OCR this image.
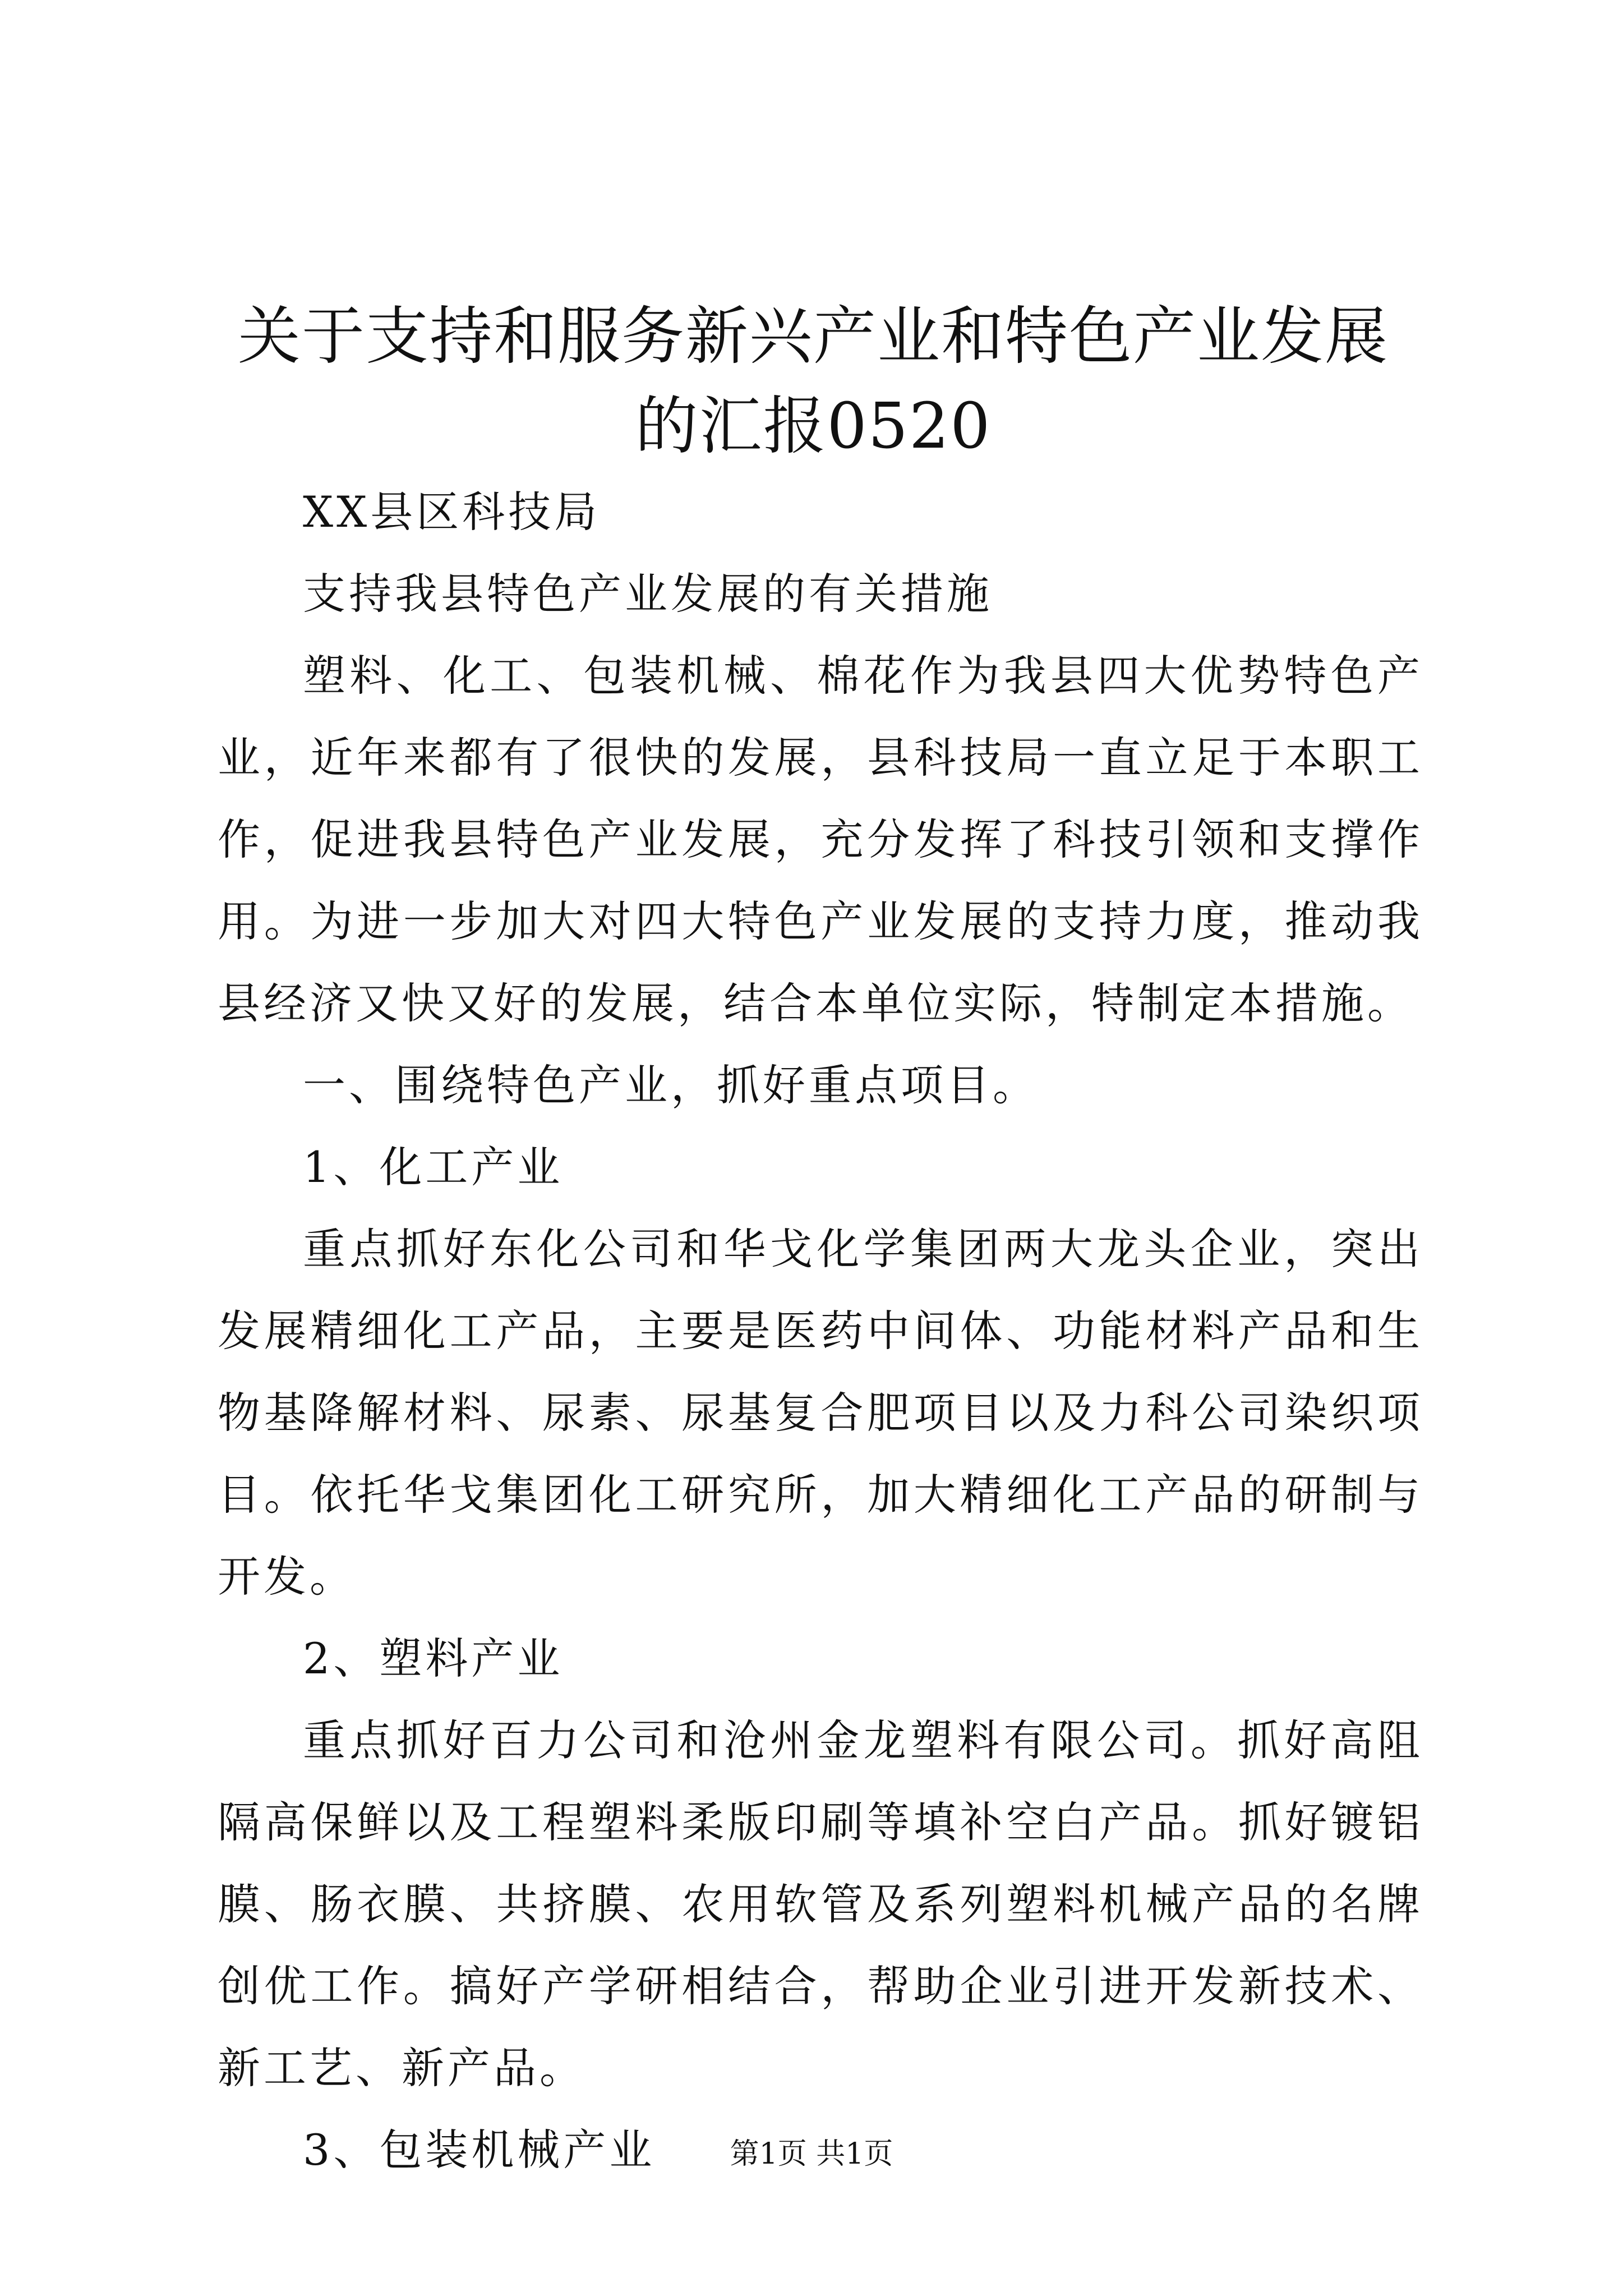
关于支持和服务新兴产业和特色产业发展的汇报0520

XX县区科技局

支持我县特色产业发展的有关措施

塑料、化工、包装机械、棉花作为我县四大优势特色产业，近年来都有了很快的发展，县科技局一直立足于本职工作，促进我县特色产业发展，充分发挥了科技引领和支撑作用。为进一步加大对四大特色产业发展的支持力度，推动我县经济又快又好的发展，结合本单位实际，特制定本措施。

一、围绕特色产业，抓好重点项目。

1、化工产业

重点抓好东化公司和华戈化学集团两大龙头企业，突出发展精细化工产品，主要是医药中间体、功能材料产品和生物基降解材料、尿素、尿基复合肥项目以及力科公司染织项目。依托华戈集团化工研究所，加大精细化工产品的研制与开发。

2、塑料产业

重点抓好百力公司和沧州金龙塑料有限公司。抓好高阻隔高保鲜以及工程塑料柔版印刷等填补空白产品。抓好镀铝膜、肠衣膜、共挤膜、农用软管及系列塑料机械产品的名牌创优工作。搞好产学研相结合，帮助企业引进开发新技术、新工艺、新产品。

3、包装机械产业	第1页 共1页
